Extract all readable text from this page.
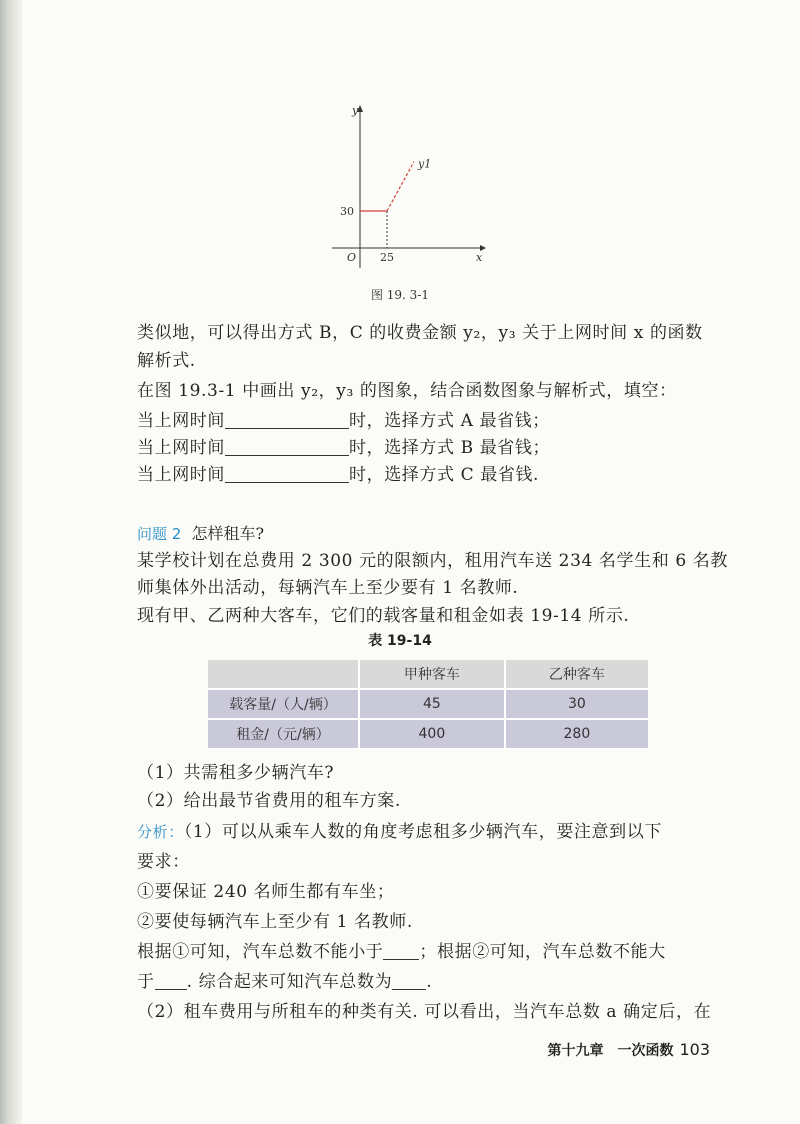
y
x
O 25
30
y1
图 19. 3-1
类似地，可以得出方式 B，C 的收费金额 y₂，y₃ 关于上网时间 x 的函数
解析式.
在图 19.3-1 中画出 y₂，y₃ 的图象，结合函数图象与解析式，填空：
当上网时间	时，选择方式 A 最省钱；
当上网时间	时，选择方式 B 最省钱；
当上网时间	时，选择方式 C 最省钱.
问题 2 怎样租车?
某学校计划在总费用 2 300 元的限额内，租用汽车送 234 名学生和 6 名教
师集体外出活动，每辆汽车上至少要有 1 名教师.
现有甲、乙两种大客车，它们的载客量和租金如表 19-14 所示.
表 19-14
	甲种客车	乙种客车
载客量/（人/辆）	45	30
租金/（元/辆）	400	280
（1）共需租多少辆汽车?
（2）给出最节省费用的租车方案.
分析：（1）可以从乘车人数的角度考虑租多少辆汽车，要注意到以下
要求：
①要保证 240 名师生都有车坐；
②要使每辆汽车上至少有 1 名教师.
根据①可知，汽车总数不能小于 ；根据②可知，汽车总数不能大
于 . 综合起来可知汽车总数为 .
（2）租车费用与所租车的种类有关. 可以看出，当汽车总数 a 确定后，在
第十九章　一次函数 103
